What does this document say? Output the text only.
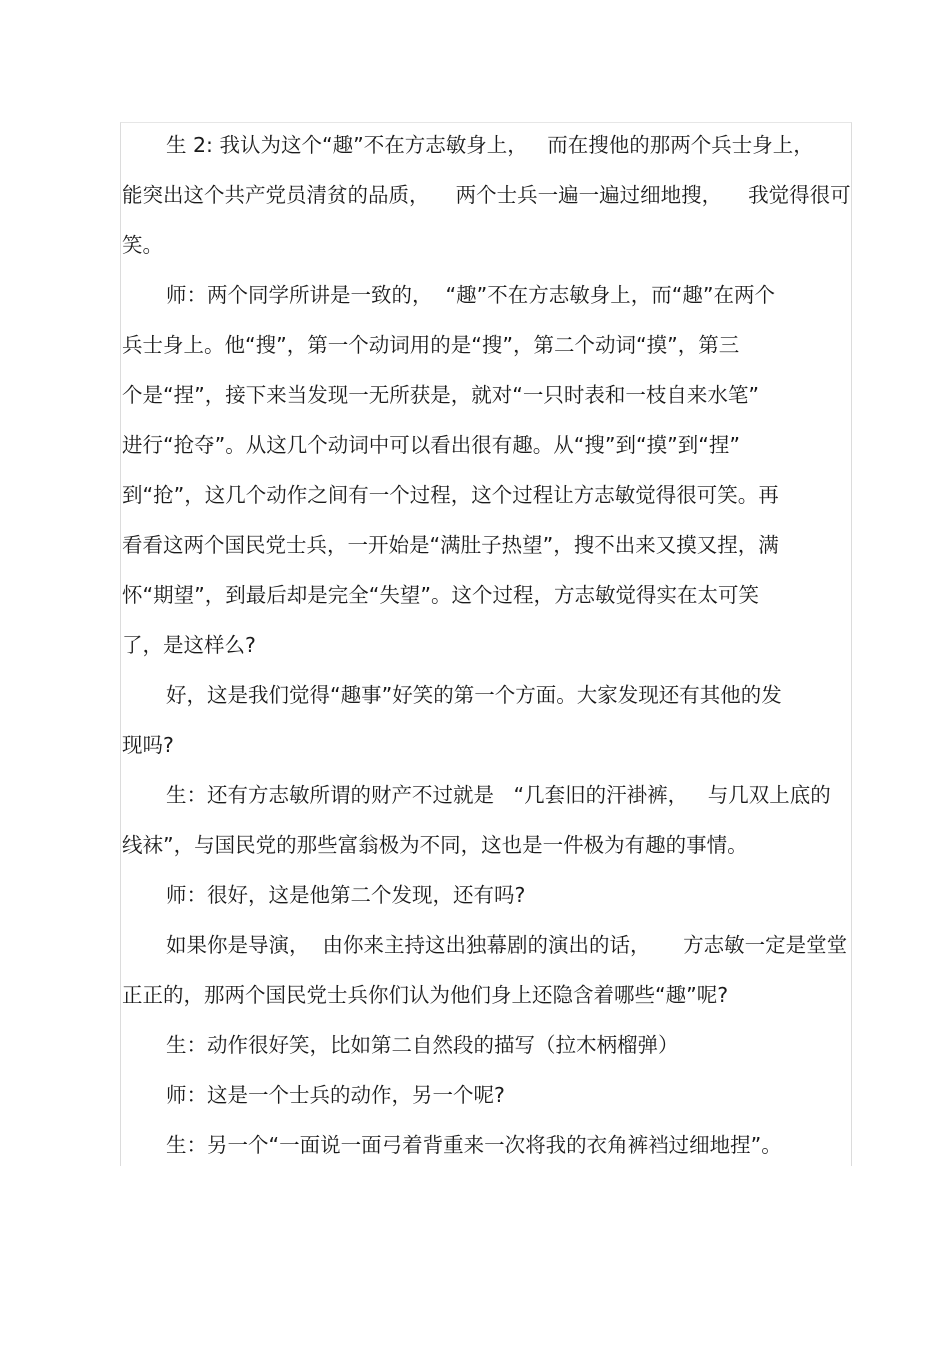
生 2: 我认为这个“趣”不在方志敏身上，   而在搜他的那两个兵士身上，
能突出这个共产党员清贫的品质，    两个士兵一遍一遍过细地搜，    我觉得很可
笑。
师：两个同学所讲是一致的，  “趣”不在方志敏身上，而“趣”在两个
兵士身上。他“搜”，第一个动词用的是“搜”，第二个动词“摸”，第三
个是“捏”，接下来当发现一无所获是，就对“一只时表和一枝自来水笔”
进行“抢夺”。从这几个动词中可以看出很有趣。从“搜”到“摸”到“捏”
到“抢”，这几个动作之间有一个过程，这个过程让方志敏觉得很可笑。再
看看这两个国民党士兵，一开始是“满肚子热望”，搜不出来又摸又捏，满
怀“期望”，到最后却是完全“失望”。这个过程，方志敏觉得实在太可笑
了，是这样么?
好，这是我们觉得“趣事”好笑的第一个方面。大家发现还有其他的发
现吗?
生：还有方志敏所谓的财产不过就是   “几套旧的汗褂裤，   与几双上底的
线袜”，与国民党的那些富翁极为不同，这也是一件极为有趣的事情。
师：很好，这是他第二个发现，还有吗?
如果你是导演，  由你来主持这出独幕剧的演出的话，     方志敏一定是堂堂
正正的，那两个国民党士兵你们认为他们身上还隐含着哪些“趣”呢?
生：动作很好笑，比如第二自然段的描写（拉木柄榴弹）
师：这是一个士兵的动作，另一个呢?
生：另一个“一面说一面弓着背重来一次将我的衣角裤裆过细地捏”。
